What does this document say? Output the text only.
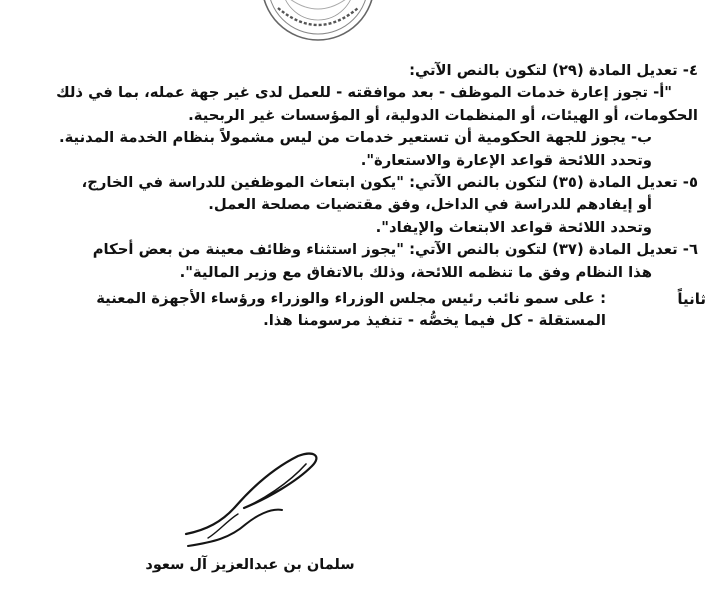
٤- تعديل المادة (٢٩) لتكون بالنص الآتي:
"أ- تجوز إعارة خدمات الموظف - بعد موافقته - للعمل لدى غير جهة عمله، بما في ذلك
الحكومات، أو الهيئات، أو المنظمات الدولية، أو المؤسسات غير الربحية.
ب- يجوز للجهة الحكومية أن تستعير خدمات من ليس مشمولاً بنظام الخدمة المدنية.
وتحدد اللائحة قواعد الإعارة والاستعارة".
٥- تعديل المادة (٣٥) لتكون بالنص الآتي: "يكون ابتعاث الموظفين للدراسة في الخارج،
أو إيفادهم للدراسة في الداخل، وفق مقتضيات مصلحة العمل.
وتحدد اللائحة قواعد الابتعاث والإيفاد".
٦- تعديل المادة (٣٧) لتكون بالنص الآتي: "يجوز استثناء وظائف معينة من بعض أحكام
هذا النظام وفق ما تنظمه اللائحة، وذلك بالاتفاق مع وزير المالية".
ثانياً
: على سمو نائب رئيس مجلس الوزراء والوزراء ورؤساء الأجهزة المعنية
المستقلة - كل فيما يخصُّه - تنفيذ مرسومنا هذا.
سلمان بن عبدالعزيز آل سعود
